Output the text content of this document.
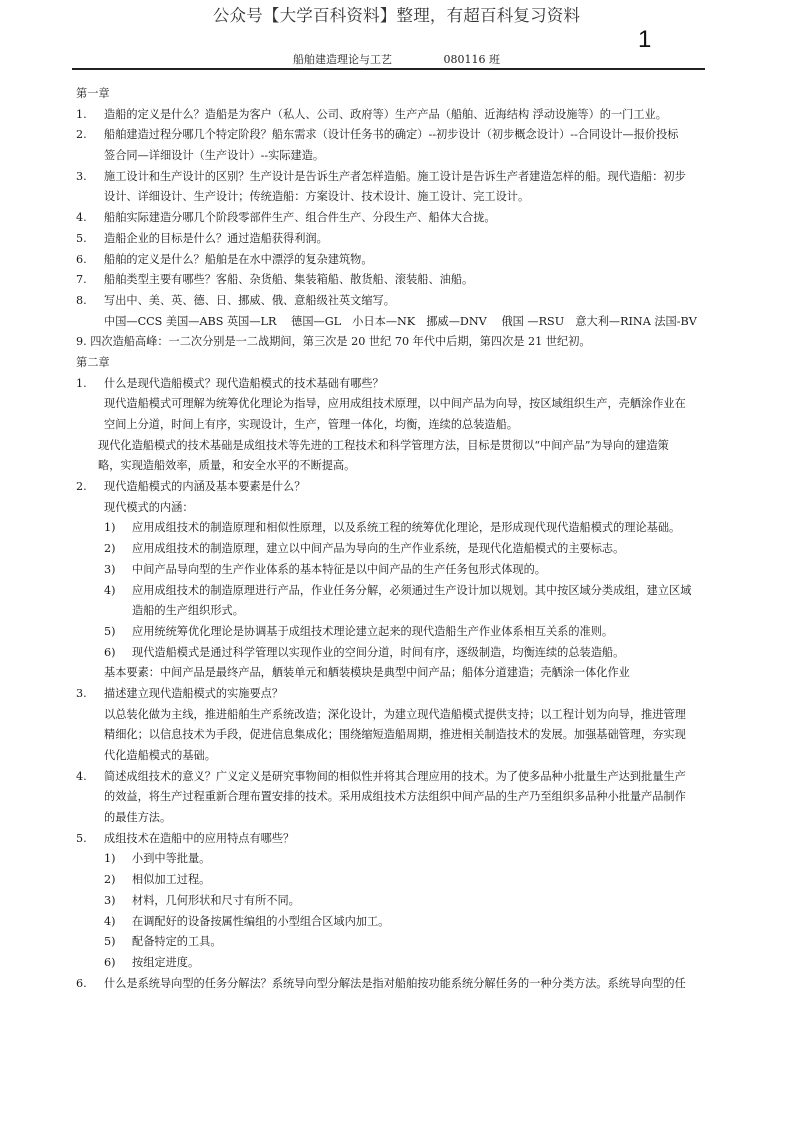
公众号【大学百科资料】整理，有超百科复习资料
1
船舶建造理论与工艺	080116 班
第一章
1. 造船的定义是什么？造船是为客户（私人、公司、政府等）生产产品（船舶、近海结构 浮动设施等）的一门工业。
2. 船舶建造过程分哪几个特定阶段？船东需求（设计任务书的确定）--初步设计（初步概念设计）--合同设计—报价投标
签合同—详细设计（生产设计）--实际建造。
3. 施工设计和生产设计的区别？生产设计是告诉生产者怎样造船。施工设计是告诉生产者建造怎样的船。现代造船：初步
设计、详细设计、生产设计；传统造船：方案设计、技术设计、施工设计、完工设计。
4. 船舶实际建造分哪几个阶段零部件生产、组合件生产、分段生产、船体大合拢。
5. 造船企业的目标是什么？通过造船获得利润。
6. 船舶的定义是什么？船舶是在水中漂浮的复杂建筑物。
7. 船舶类型主要有哪些？客船、杂货船、集装箱船、散货船、滚装船、油船。
8. 写出中、美、英、德、日、挪威、俄、意船级社英文缩写。
中国—CCS 美国—ABS 英国—LR　 德国—GL　小日本—NK　挪威—DNV　 俄国 —RSU　意大利—RINA 法国-BV
9. 四次造船高峰：一二次分别是一二战期间，第三次是 20 世纪 70 年代中后期，第四次是 21 世纪初。
第二章
1. 什么是现代造船模式？现代造船模式的技术基础有哪些？
现代造船模式可理解为统筹优化理论为指导，应用成组技术原理，以中间产品为向导，按区域组织生产，壳舾涂作业在
空间上分道，时间上有序，实现设计，生产，管理一体化，均衡，连续的总装造船。
现代化造船模式的技术基础是成组技术等先进的工程技术和科学管理方法，目标是贯彻以“中间产品”为导向的建造策
略，实现造船效率，质量，和安全水平的不断提高。
2. 现代造船模式的内涵及基本要素是什么？
现代模式的内涵：
1) 应用成组技术的制造原理和相似性原理，以及系统工程的统筹优化理论，是形成现代现代造船模式的理论基础。
2) 应用成组技术的制造原理，建立以中间产品为导向的生产作业系统，是现代化造船模式的主要标志。
3) 中间产品导向型的生产作业体系的基本特征是以中间产品的生产任务包形式体现的。
4) 应用成组技术的制造原理进行产品，作业任务分解，必须通过生产设计加以规划。其中按区域分类成组，建立区域
造船的生产组织形式。
5) 应用统统筹优化理论是协调基于成组技术理论建立起来的现代造船生产作业体系相互关系的准则。
6) 现代造船模式是通过科学管理以实现作业的空间分道，时间有序，逐级制造，均衡连续的总装造船。
基本要素：中间产品是最终产品，舾装单元和舾装模块是典型中间产品；船体分道建造；壳舾涂一体化作业
3. 描述建立现代造船模式的实施要点？
以总装化做为主线，推进船舶生产系统改造；深化设计，为建立现代造船模式提供支持；以工程计划为向导，推进管理
精细化；以信息技术为手段，促进信息集成化；围绕缩短造船周期，推进相关制造技术的发展。加强基础管理，夯实现
代化造船模式的基础。
4. 简述成组技术的意义？广义定义是研究事物间的相似性并将其合理应用的技术。为了使多品种小批量生产达到批量生产
的效益，将生产过程重新合理布置安排的技术。采用成组技术方法组织中间产品的生产乃至组织多品种小批量产品制作
的最佳方法。
5. 成组技术在造船中的应用特点有哪些？
1) 小到中等批量。
2) 相似加工过程。
3) 材料，几何形状和尺寸有所不同。
4) 在调配好的设备按属性编组的小型组合区域内加工。
5) 配备特定的工具。
6) 按组定进度。
6. 什么是系统导向型的任务分解法？系统导向型分解法是指对船舶按功能系统分解任务的一种分类方法。系统导向型的任
